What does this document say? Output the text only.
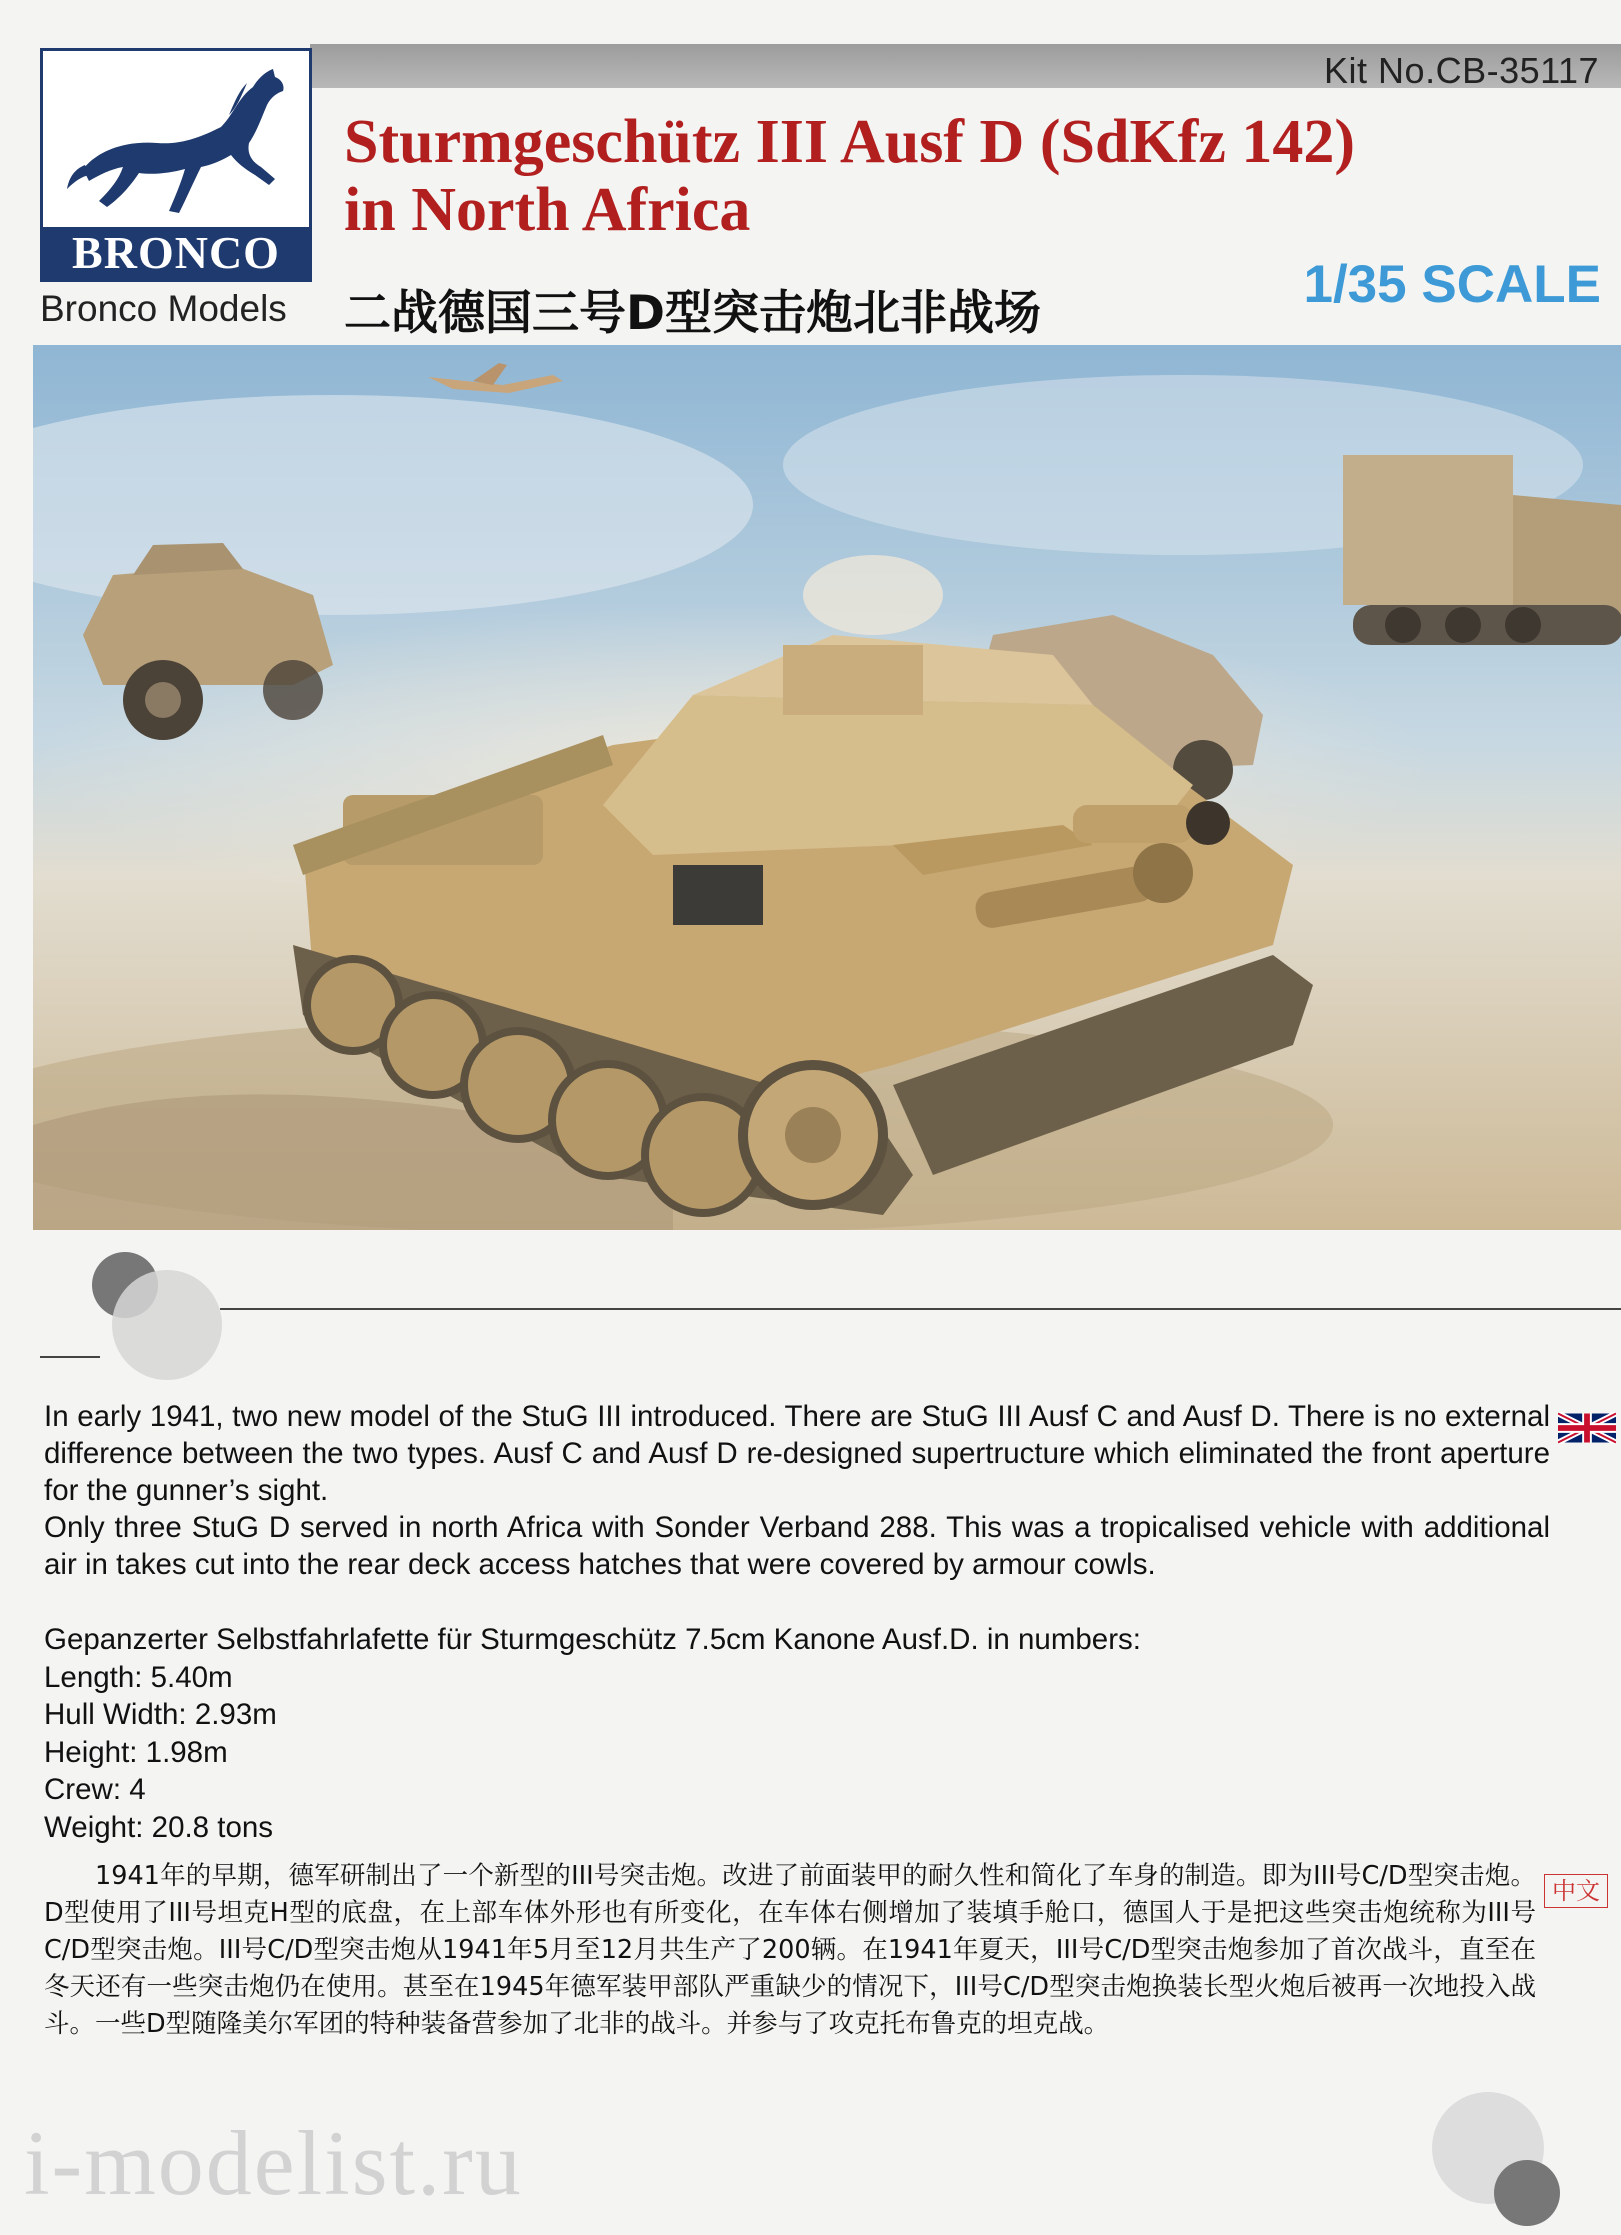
Kit No.CB-35117
BRONCO
Bronco Models
Sturmgeschütz III Ausf D (SdKfz 142)
in North Africa
二战德国三号D型突击炮北非战场	1/35 SCALE

In early 1941, two new model of the StuG III introduced. There are StuG III Ausf C and Ausf D. There is no external difference between the two types. Ausf C and Ausf D re-designed supertructure which eliminated the front aperture for the gunner’s sight.

Only three StuG D served in north Africa with Sonder Verband 288. This was a tropicalised vehicle with additional air in takes cut into the rear deck access hatches that were covered by armour cowls.

Gepanzerter Selbstfahrlafette für Sturmgeschütz 7.5cm Kanone Ausf.D. in numbers:
Length: 5.40m
Hull Width: 2.93m
Height: 1.98m
Crew: 4
Weight: 20.8 tons

1941年的早期，德军研制出了一个新型的III号突击炮。改进了前面装甲的耐久性和简化了车身的制造。即为III号C/D型突击炮。D型使用了III号坦克H型的底盘，在上部车体外形也有所变化，在车体右侧增加了装填手舱口，德国人于是把这些突击炮统称为III号C/D型突击炮。III号C/D型突击炮从1941年5月至12月共生产了200辆。在1941年夏天，III号C/D型突击炮参加了首次战斗，直至在冬天还有一些突击炮仍在使用。甚至在1945年德军装甲部队严重缺少的情况下，III号C/D型突击炮换装长型火炮后被再一次地投入战斗。一些D型随隆美尔军团的特种装备营参加了北非的战斗。并参与了攻克托布鲁克的坦克战。

中文
i-modelist.ru
